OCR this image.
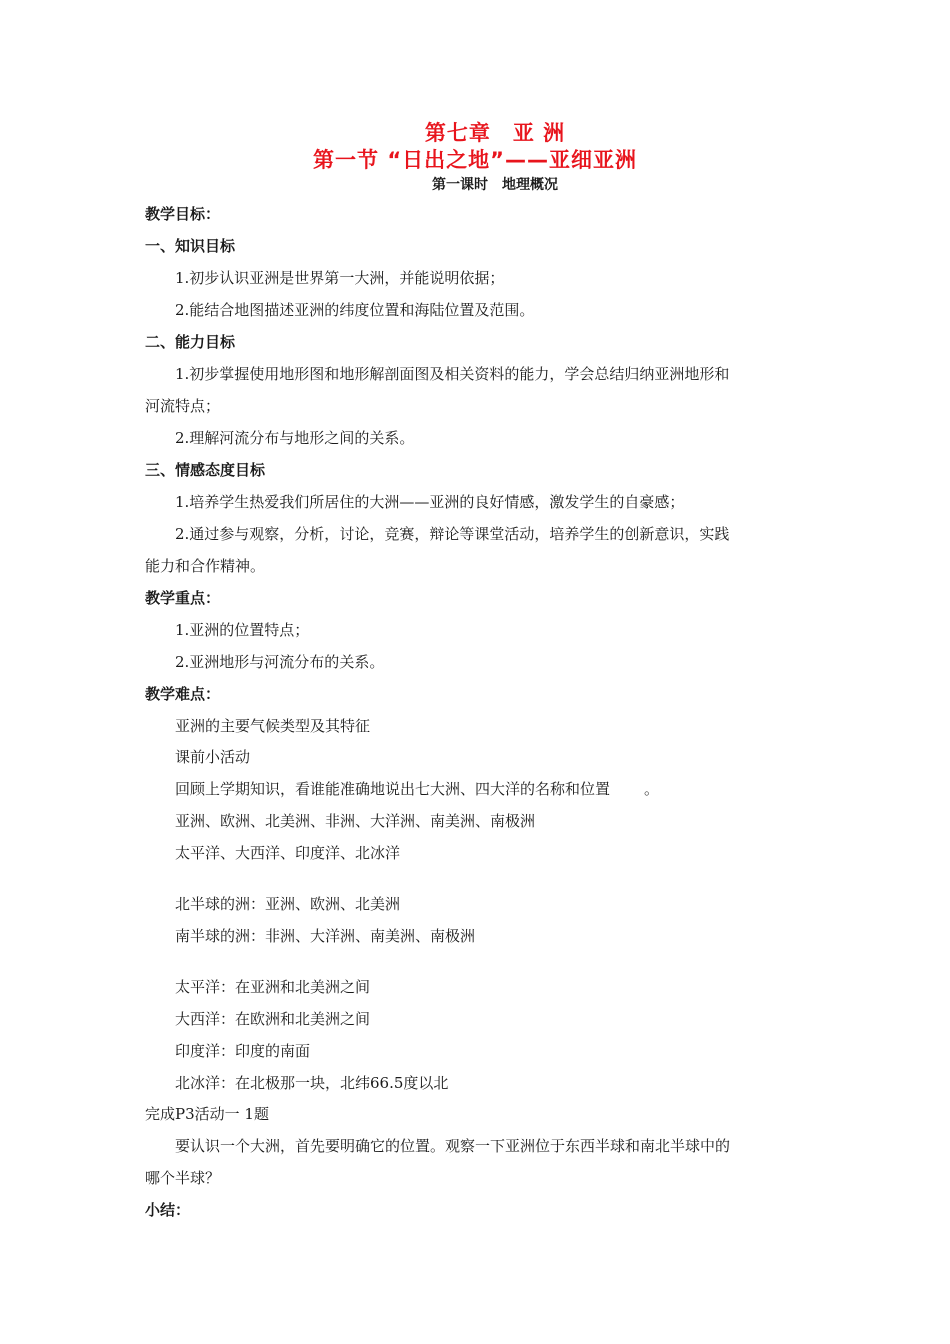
第七章　亚 洲
第一节 “日出之地”——亚细亚洲
第一课时　地理概况
教学目标：
一、知识目标
1.初步认识亚洲是世界第一大洲，并能说明依据；
2.能结合地图描述亚洲的纬度位置和海陆位置及范围。
二、能力目标
1.初步掌握使用地形图和地形解剖面图及相关资料的能力，学会总结归纳亚洲地形和
河流特点；
2.理解河流分布与地形之间的关系。
三、情感态度目标
1.培养学生热爱我们所居住的大洲——亚洲的良好情感，激发学生的自豪感；
2.通过参与观察，分析，讨论，竞赛，辩论等课堂活动，培养学生的创新意识，实践
能力和合作精神。
教学重点：
1.亚洲的位置特点；
2.亚洲地形与河流分布的关系。
教学难点：
亚洲的主要气候类型及其特征
课前小活动
回顾上学期知识，看谁能准确地说出七大洲、四大洋的名称和位置 。
亚洲、欧洲、北美洲、非洲、大洋洲、南美洲、南极洲
太平洋、大西洋、印度洋、北冰洋
北半球的洲：亚洲、欧洲、北美洲
南半球的洲：非洲、大洋洲、南美洲、南极洲
太平洋：在亚洲和北美洲之间
大西洋：在欧洲和北美洲之间
印度洋：印度的南面
北冰洋：在北极那一块，北纬66.5度以北
完成P3活动一 1题
要认识一个大洲，首先要明确它的位置。观察一下亚洲位于东西半球和南北半球中的
哪个半球？
小结：
